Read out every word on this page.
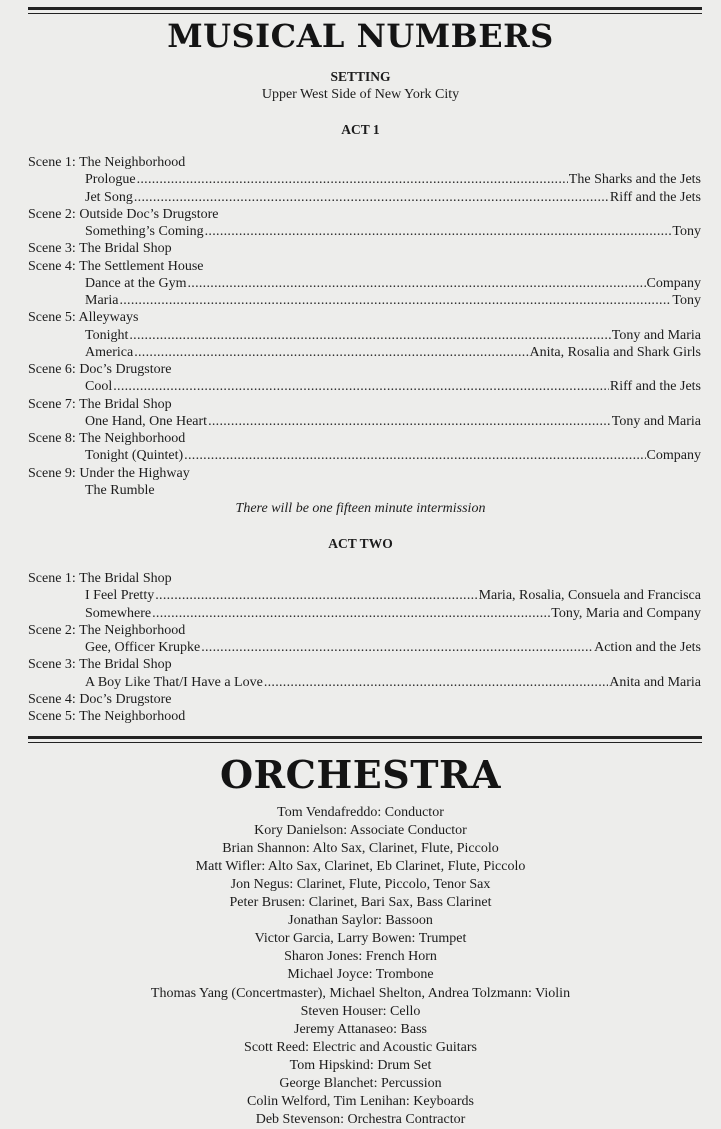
MUSICAL NUMBERS
SETTING
Upper West Side of New York City
ACT 1
Scene 1: The Neighborhood
Prologue .....	The Sharks and the Jets
Jet Song .....	Riff and the Jets
Scene 2: Outside Doc’s Drugstore
Something’s Coming .....	Tony
Scene 3: The Bridal Shop
Scene 4: The Settlement House
Dance at the Gym .....	Company
Maria .....	Tony
Scene 5: Alleyways
Tonight .....	Tony and Maria
America .....	Anita, Rosalia and Shark Girls
Scene 6: Doc’s Drugstore
Cool .....	Riff and the Jets
Scene 7: The Bridal Shop
One Hand, One Heart .....	Tony and Maria
Scene 8: The Neighborhood
Tonight (Quintet) .....	Company
Scene 9: Under the Highway
The Rumble
There will be one fifteen minute intermission
ACT TWO
Scene 1: The Bridal Shop
I Feel Pretty .....	Maria, Rosalia, Consuela and Francisca
Somewhere .....	Tony, Maria and Company
Scene 2: The Neighborhood
Gee, Officer Krupke .....	Action and the Jets
Scene 3: The Bridal Shop
A Boy Like That/I Have a Love .....	Anita and Maria
Scene 4: Doc’s Drugstore
Scene 5: The Neighborhood
ORCHESTRA
Tom Vendafreddo: Conductor
Kory Danielson: Associate Conductor
Brian Shannon: Alto Sax, Clarinet, Flute, Piccolo
Matt Wifler: Alto Sax, Clarinet, Eb Clarinet, Flute, Piccolo
Jon Negus: Clarinet, Flute, Piccolo, Tenor Sax
Peter Brusen: Clarinet, Bari Sax, Bass Clarinet
Jonathan Saylor: Bassoon
Victor Garcia, Larry Bowen: Trumpet
Sharon Jones: French Horn
Michael Joyce: Trombone
Thomas Yang (Concertmaster), Michael Shelton, Andrea Tolzmann: Violin
Steven Houser: Cello
Jeremy Attanaseo: Bass
Scott Reed: Electric and Acoustic Guitars
Tom Hipskind: Drum Set
George Blanchet: Percussion
Colin Welford, Tim Lenihan: Keyboards
Deb Stevenson: Orchestra Contractor
